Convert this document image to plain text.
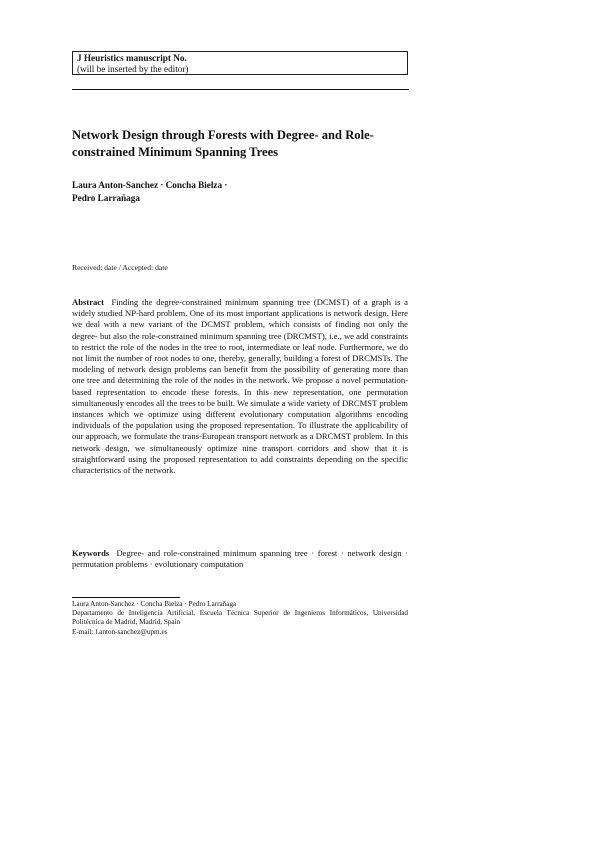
J Heuristics manuscript No.
(will be inserted by the editor)
Network Design through Forests with Degree- and Role-constrained Minimum Spanning Trees
Laura Anton-Sanchez · Concha Bielza ·
Pedro Larrañaga
Received: date / Accepted: date

Abstract Finding the degree-constrained minimum spanning tree (DCMST) of a graph is a widely studied NP-hard problem. One of its most important applications is network design. Here we deal with a new variant of the DCMST problem, which consists of finding not only the degree- but also the role-constrained minimum spanning tree (DRCMST), i.e., we add constraints to restrict the role of the nodes in the tree to root, intermediate or leaf node. Furthermore, we do not limit the number of root nodes to one, thereby, generally, building a forest of DRCMSTs. The modeling of network design problems can benefit from the possibility of generating more than one tree and determining the role of the nodes in the network. We propose a novel permutation-based representation to encode these forests. In this new representation, one permutation simultaneously encodes all the trees to be built. We simulate a wide variety of DRCMST problem instances which we optimize using different evolutionary computation algorithms encoding individuals of the population using the proposed representation. To illustrate the applicability of our approach, we formulate the trans-European transport network as a DRCMST problem. In this network design, we simultaneously optimize nine transport corridors and show that it is straightforward using the proposed representation to add constraints depending on the specific characteristics of the network.

Keywords Degree- and role-constrained minimum spanning tree · forest · network design · permutation problems · evolutionary computation

Laura Anton-Sanchez · Concha Bielza · Pedro Larrañaga
Departamento de Inteligencia Artificial, Escuela Técnica Superior de Ingenieros Informáticos, Universidad Politécnica de Madrid, Madrid, Spain
E-mail: l.anton-sanchez@upm.es
